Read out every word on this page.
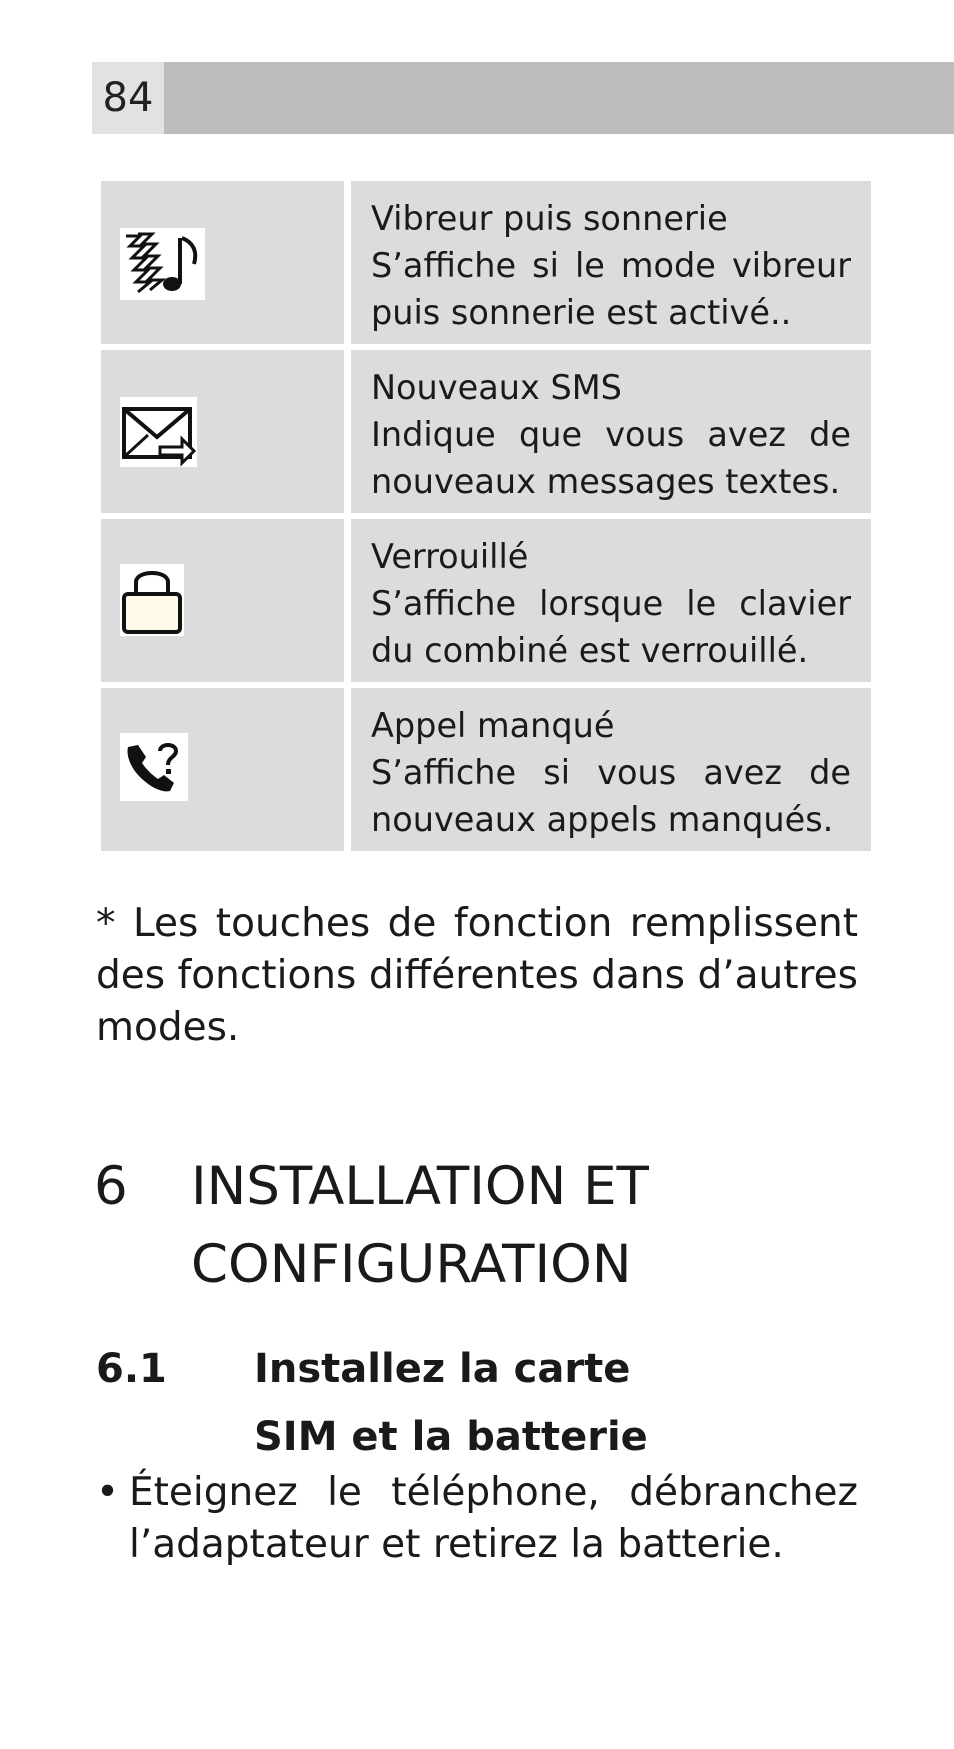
84
Vibreur puis sonnerie
S’affiche si le mode vibreur puis sonnerie est activé..
Nouveaux SMS
Indique que vous avez de nouveaux messages textes.
Verrouillé
S’affiche lorsque le clavier du combiné est verrouillé.
Appel manqué
S’affiche si vous avez de nouveaux appels manqués.

* Les touches de fonction remplissent des fonctions différentes dans d’autres modes.

6 INSTALLATION ET CONFIGURATION
6.1 Installez la carte SIM et la batterie
• Éteignez le téléphone, débranchez l’adaptateur et retirez la batterie.
